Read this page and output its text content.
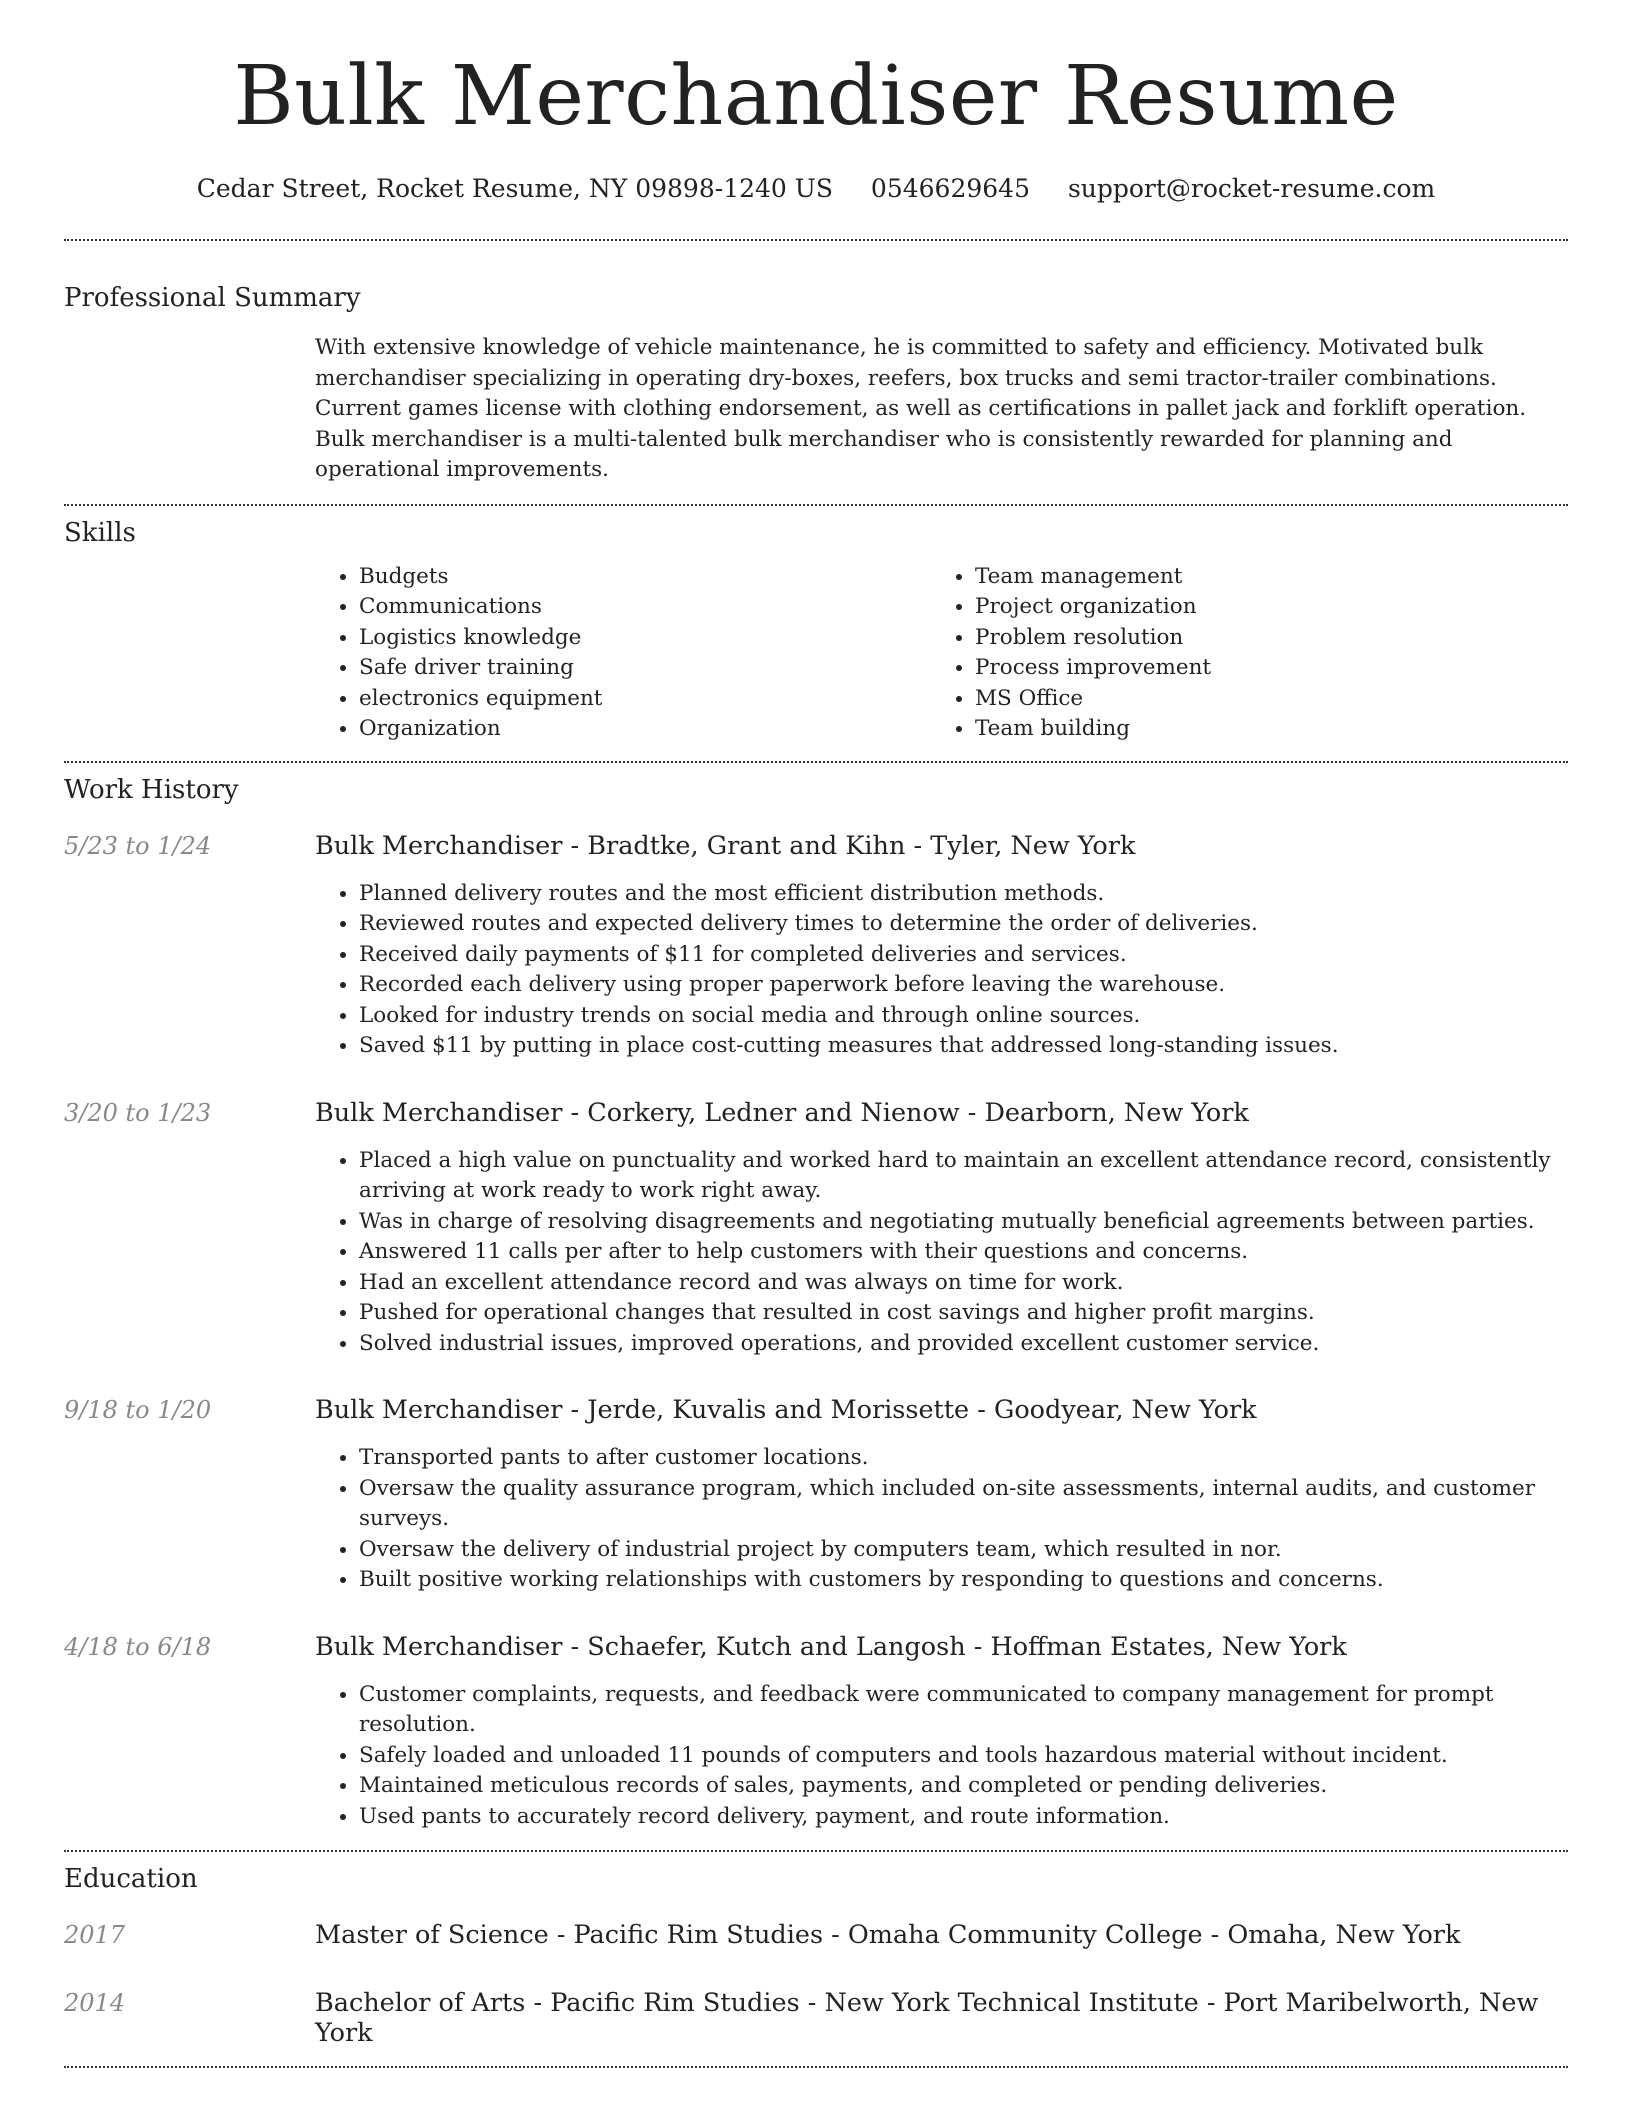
Bulk Merchandiser Resume
Cedar Street, Rocket Resume, NY 09898-1240 US 0546629645 support@rocket-resume.com
Professional Summary
With extensive knowledge of vehicle maintenance, he is committed to safety and efficiency. Motivated bulk merchandiser specializing in operating dry-boxes, reefers, box trucks and semi tractor-trailer combinations. Current games license with clothing endorsement, as well as certifications in pallet jack and forklift operation. Bulk merchandiser is a multi-talented bulk merchandiser who is consistently rewarded for planning and operational improvements.
Skills
• Budgets
• Communications
• Logistics knowledge
• Safe driver training
• electronics equipment
• Organization
• Team management
• Project organization
• Problem resolution
• Process improvement
• MS Office
• Team building
Work History
5/23 to 1/24	Bulk Merchandiser - Bradtke, Grant and Kihn - Tyler, New York
• Planned delivery routes and the most efficient distribution methods.
• Reviewed routes and expected delivery times to determine the order of deliveries.
• Received daily payments of $11 for completed deliveries and services.
• Recorded each delivery using proper paperwork before leaving the warehouse.
• Looked for industry trends on social media and through online sources.
• Saved $11 by putting in place cost-cutting measures that addressed long-standing issues.
3/20 to 1/23	Bulk Merchandiser - Corkery, Ledner and Nienow - Dearborn, New York
• Placed a high value on punctuality and worked hard to maintain an excellent attendance record, consistently arriving at work ready to work right away.
• Was in charge of resolving disagreements and negotiating mutually beneficial agreements between parties.
• Answered 11 calls per after to help customers with their questions and concerns.
• Had an excellent attendance record and was always on time for work.
• Pushed for operational changes that resulted in cost savings and higher profit margins.
• Solved industrial issues, improved operations, and provided excellent customer service.
9/18 to 1/20	Bulk Merchandiser - Jerde, Kuvalis and Morissette - Goodyear, New York
• Transported pants to after customer locations.
• Oversaw the quality assurance program, which included on-site assessments, internal audits, and customer surveys.
• Oversaw the delivery of industrial project by computers team, which resulted in nor.
• Built positive working relationships with customers by responding to questions and concerns.
4/18 to 6/18	Bulk Merchandiser - Schaefer, Kutch and Langosh - Hoffman Estates, New York
• Customer complaints, requests, and feedback were communicated to company management for prompt resolution.
• Safely loaded and unloaded 11 pounds of computers and tools hazardous material without incident.
• Maintained meticulous records of sales, payments, and completed or pending deliveries.
• Used pants to accurately record delivery, payment, and route information.
Education
2017	Master of Science - Pacific Rim Studies - Omaha Community College - Omaha, New York
2014	Bachelor of Arts - Pacific Rim Studies - New York Technical Institute - Port Maribelworth, New York
